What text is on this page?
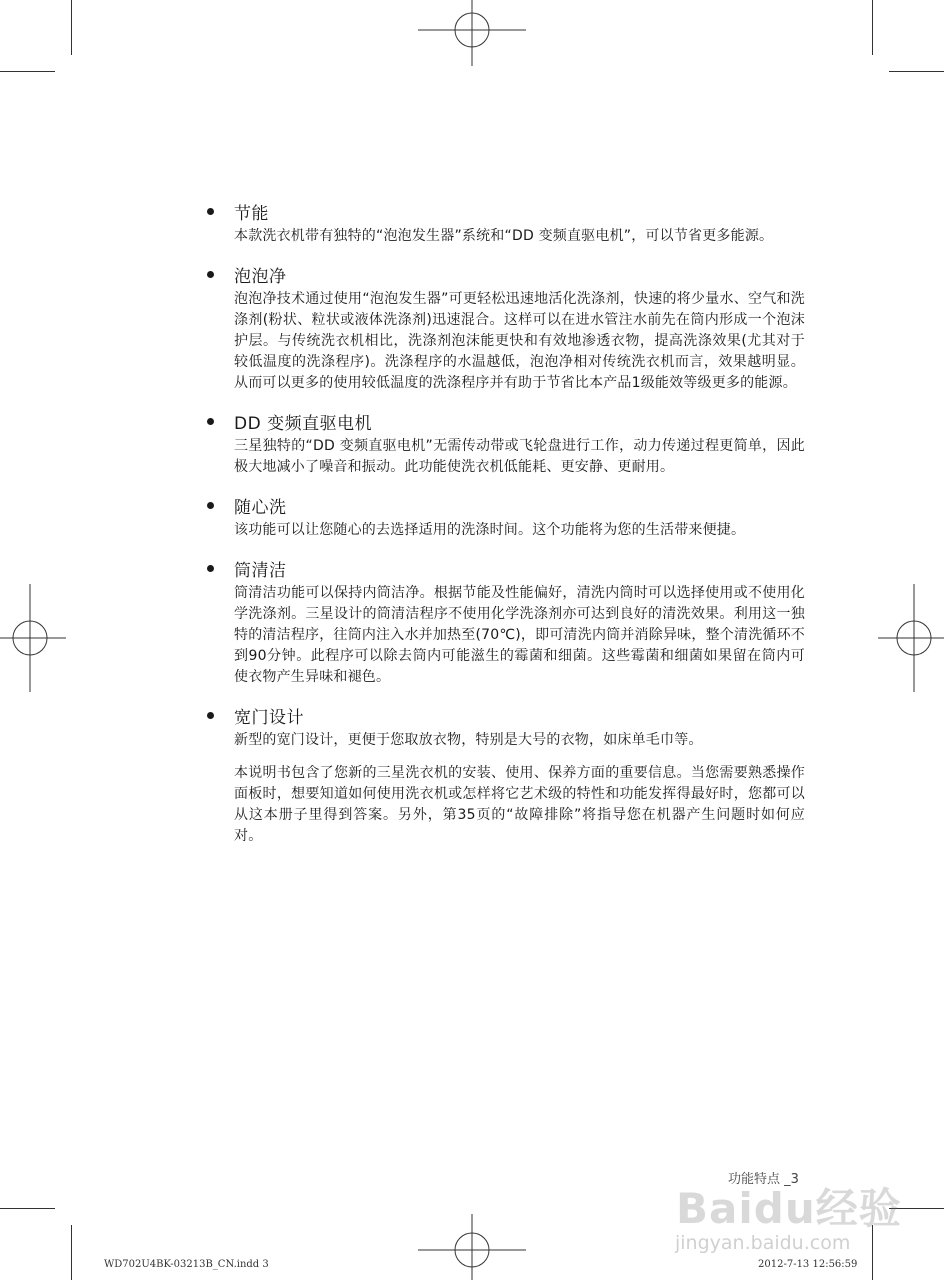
节能
本款洗衣机带有独特的“泡泡发生器”系统和“DD 变频直驱电机”，可以节省更多能源。
泡泡净
泡泡净技术通过使用“泡泡发生器”可更轻松迅速地活化洗涤剂，快速的将少量水、空气和洗涤剂(粉状、粒状或液体洗涤剂)迅速混合。这样可以在进水管注水前先在筒内形成一个泡沫护层。与传统洗衣机相比，洗涤剂泡沫能更快和有效地渗透衣物，提高洗涤效果(尤其对于较低温度的洗涤程序)。洗涤程序的水温越低，泡泡净相对传统洗衣机而言，效果越明显。从而可以更多的使用较低温度的洗涤程序并有助于节省比本产品1级能效等级更多的能源。
DD 变频直驱电机
三星独特的“DD 变频直驱电机”无需传动带或飞轮盘进行工作，动力传递过程更简单，因此极大地减小了噪音和振动。此功能使洗衣机低能耗、更安静、更耐用。
随心洗
该功能可以让您随心的去选择适用的洗涤时间。这个功能将为您的生活带来便捷。
筒清洁
筒清洁功能可以保持内筒洁净。根据节能及性能偏好，清洗内筒时可以选择使用或不使用化学洗涤剂。三星设计的筒清洁程序不使用化学洗涤剂亦可达到良好的清洗效果。利用这一独特的清洁程序，往筒内注入水并加热至(70℃)，即可清洗内筒并消除异味，整个清洗循环不到90分钟。此程序可以除去筒内可能滋生的霉菌和细菌。这些霉菌和细菌如果留在筒内可使衣物产生异味和褪色。
宽门设计
新型的宽门设计，更便于您取放衣物，特别是大号的衣物，如床单毛巾等。
本说明书包含了您新的三星洗衣机的安装、使用、保养方面的重要信息。当您需要熟悉操作面板时，想要知道如何使用洗衣机或怎样将它艺术级的特性和功能发挥得最好时，您都可以从这本册子里得到答案。另外，第35页的“故障排除”将指导您在机器产生问题时如何应对。
功能特点 _3
Baidu经验
jingyan.baidu.com
WD702U4BK-03213B_CN.indd 3	2012-7-13 12:56:59
